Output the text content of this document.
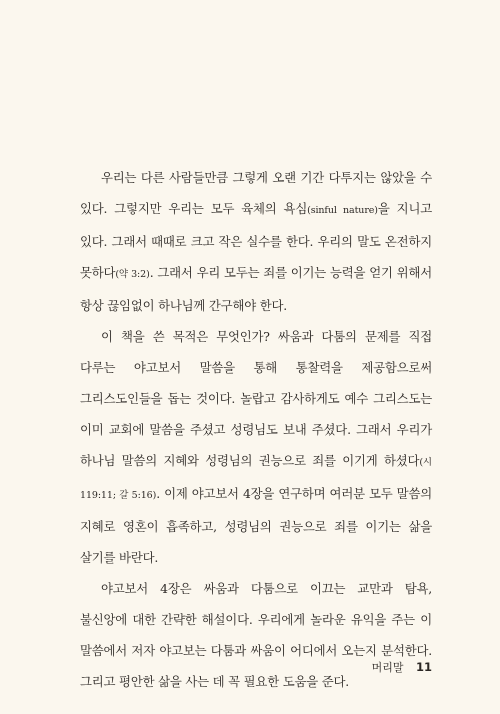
우리는 다른 사람들만큼 그렇게 오랜 기간 다투지는 않았을 수 있다. 그렇지만 우리는 모두 육체의 욕심(sinful nature)을 지니고 있다. 그래서 때때로 크고 작은 실수를 한다. 우리의 말도 온전하지 못하다(약 3:2). 그래서 우리 모두는 죄를 이기는 능력을 얻기 위해서 항상 끊임없이 하나님께 간구해야 한다.

이 책을 쓴 목적은 무엇인가? 싸움과 다툼의 문제를 직접 다루는 야고보서 말씀을 통해 통찰력을 제공함으로써 그리스도인들을 돕는 것이다. 놀랍고 감사하게도 예수 그리스도는 이미 교회에 말씀을 주셨고 성령님도 보내 주셨다. 그래서 우리가 하나님 말씀의 지혜와 성령님의 권능으로 죄를 이기게 하셨다(시 119:11; 갈 5:16). 이제 야고보서 4장을 연구하며 여러분 모두 말씀의 지혜로 영혼이 흡족하고, 성령님의 권능으로 죄를 이기는 삶을 살기를 바란다.

야고보서 4장은 싸움과 다툼으로 이끄는 교만과 탐욕, 불신앙에 대한 간략한 해설이다. 우리에게 놀라운 유익을 주는 이 말씀에서 저자 야고보는 다툼과 싸움이 어디에서 오는지 분석한다. 그리고 평안한 삶을 사는 데 꼭 필요한 도움을 준다.

머리말 11
